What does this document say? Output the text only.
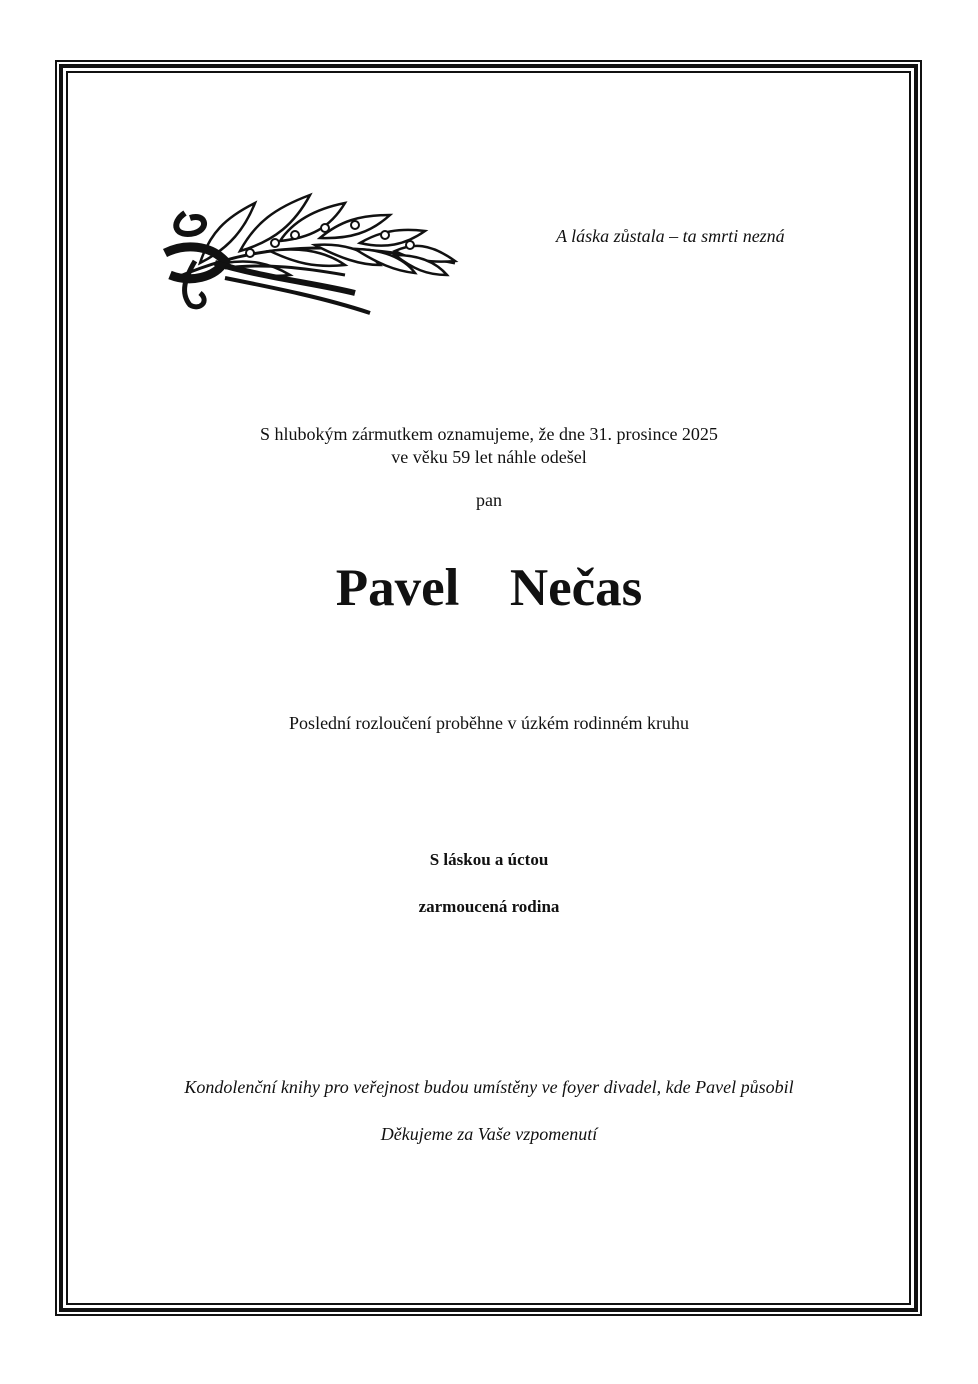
A láska zůstala – ta smrti nezná
S hlubokým zármutkem oznamujeme, že dne 31. prosince 2025
ve věku 59 let náhle odešel
pan
Pavel  Nečas
Poslední rozloučení proběhne v úzkém rodinném kruhu
S láskou a úctou
zarmoucená rodina
Kondolenční knihy pro veřejnost budou umístěny ve foyer divadel, kde Pavel působil
Děkujeme za Vaše vzpomenutí
